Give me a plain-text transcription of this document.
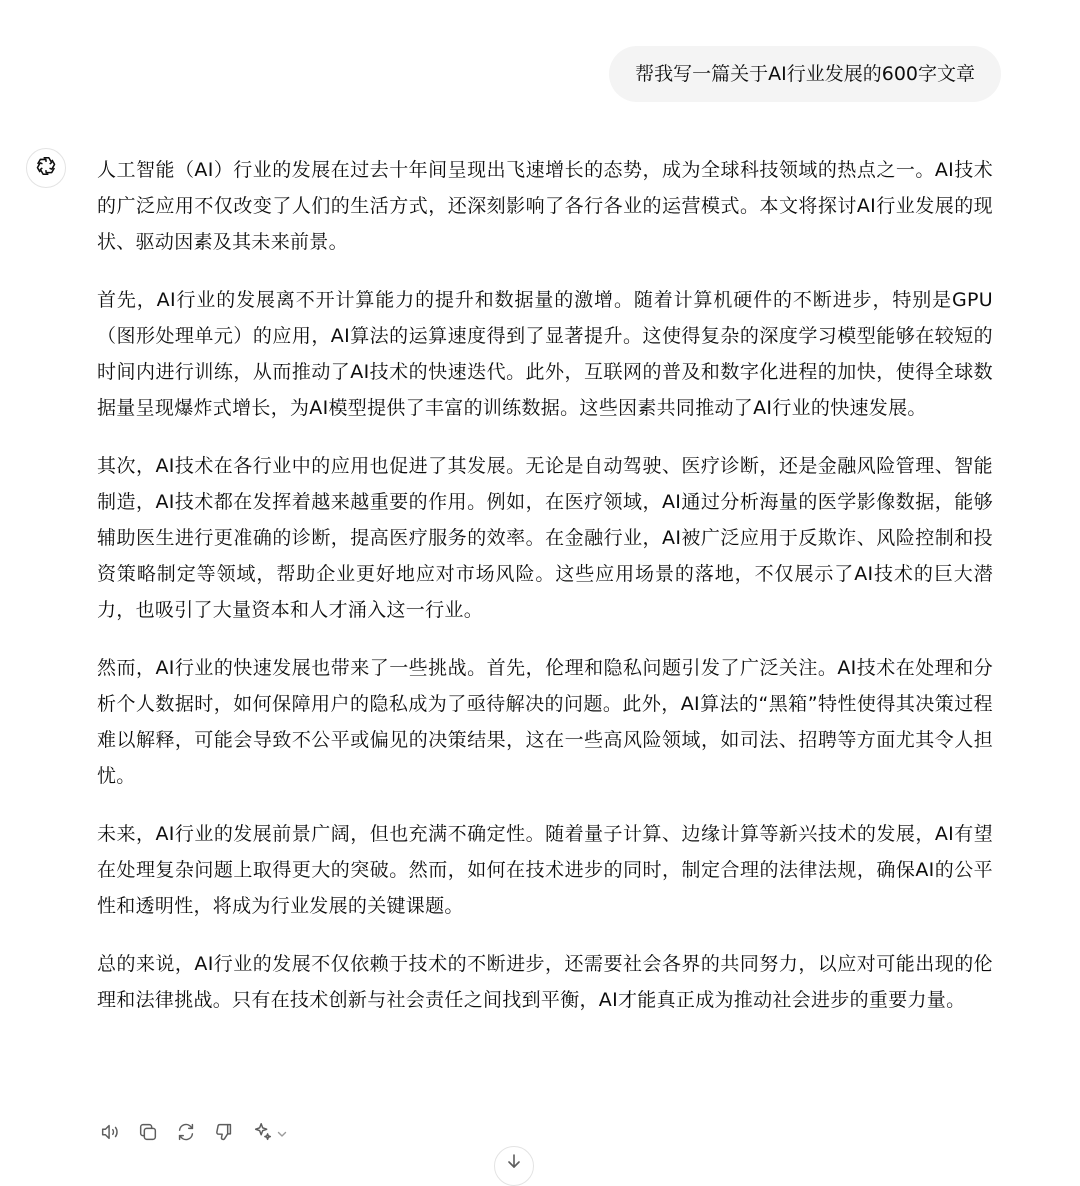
帮我写一篇关于AI行业发展的600字文章

人工智能（AI）行业的发展在过去十年间呈现出飞速增长的态势，成为全球科技领域的热点之一。AI技术的广泛应用不仅改变了人们的生活方式，还深刻影响了各行各业的运营模式。本文将探讨AI行业发展的现状、驱动因素及其未来前景。

首先，AI行业的发展离不开计算能力的提升和数据量的激增。随着计算机硬件的不断进步，特别是GPU（图形处理单元）的应用，AI算法的运算速度得到了显著提升。这使得复杂的深度学习模型能够在较短的时间内进行训练，从而推动了AI技术的快速迭代。此外，互联网的普及和数字化进程的加快，使得全球数据量呈现爆炸式增长，为AI模型提供了丰富的训练数据。这些因素共同推动了AI行业的快速发展。

其次，AI技术在各行业中的应用也促进了其发展。无论是自动驾驶、医疗诊断，还是金融风险管理、智能制造，AI技术都在发挥着越来越重要的作用。例如，在医疗领域，AI通过分析海量的医学影像数据，能够辅助医生进行更准确的诊断，提高医疗服务的效率。在金融行业，AI被广泛应用于反欺诈、风险控制和投资策略制定等领域，帮助企业更好地应对市场风险。这些应用场景的落地，不仅展示了AI技术的巨大潜力，也吸引了大量资本和人才涌入这一行业。

然而，AI行业的快速发展也带来了一些挑战。首先，伦理和隐私问题引发了广泛关注。AI技术在处理和分析个人数据时，如何保障用户的隐私成为了亟待解决的问题。此外，AI算法的“黑箱”特性使得其决策过程难以解释，可能会导致不公平或偏见的决策结果，这在一些高风险领域，如司法、招聘等方面尤其令人担忧。

未来，AI行业的发展前景广阔，但也充满不确定性。随着量子计算、边缘计算等新兴技术的发展，AI有望在处理复杂问题上取得更大的突破。然而，如何在技术进步的同时，制定合理的法律法规，确保AI的公平性和透明性，将成为行业发展的关键课题。

总的来说，AI行业的发展不仅依赖于技术的不断进步，还需要社会各界的共同努力，以应对可能出现的伦理和法律挑战。只有在技术创新与社会责任之间找到平衡，AI才能真正成为推动社会进步的重要力量。
